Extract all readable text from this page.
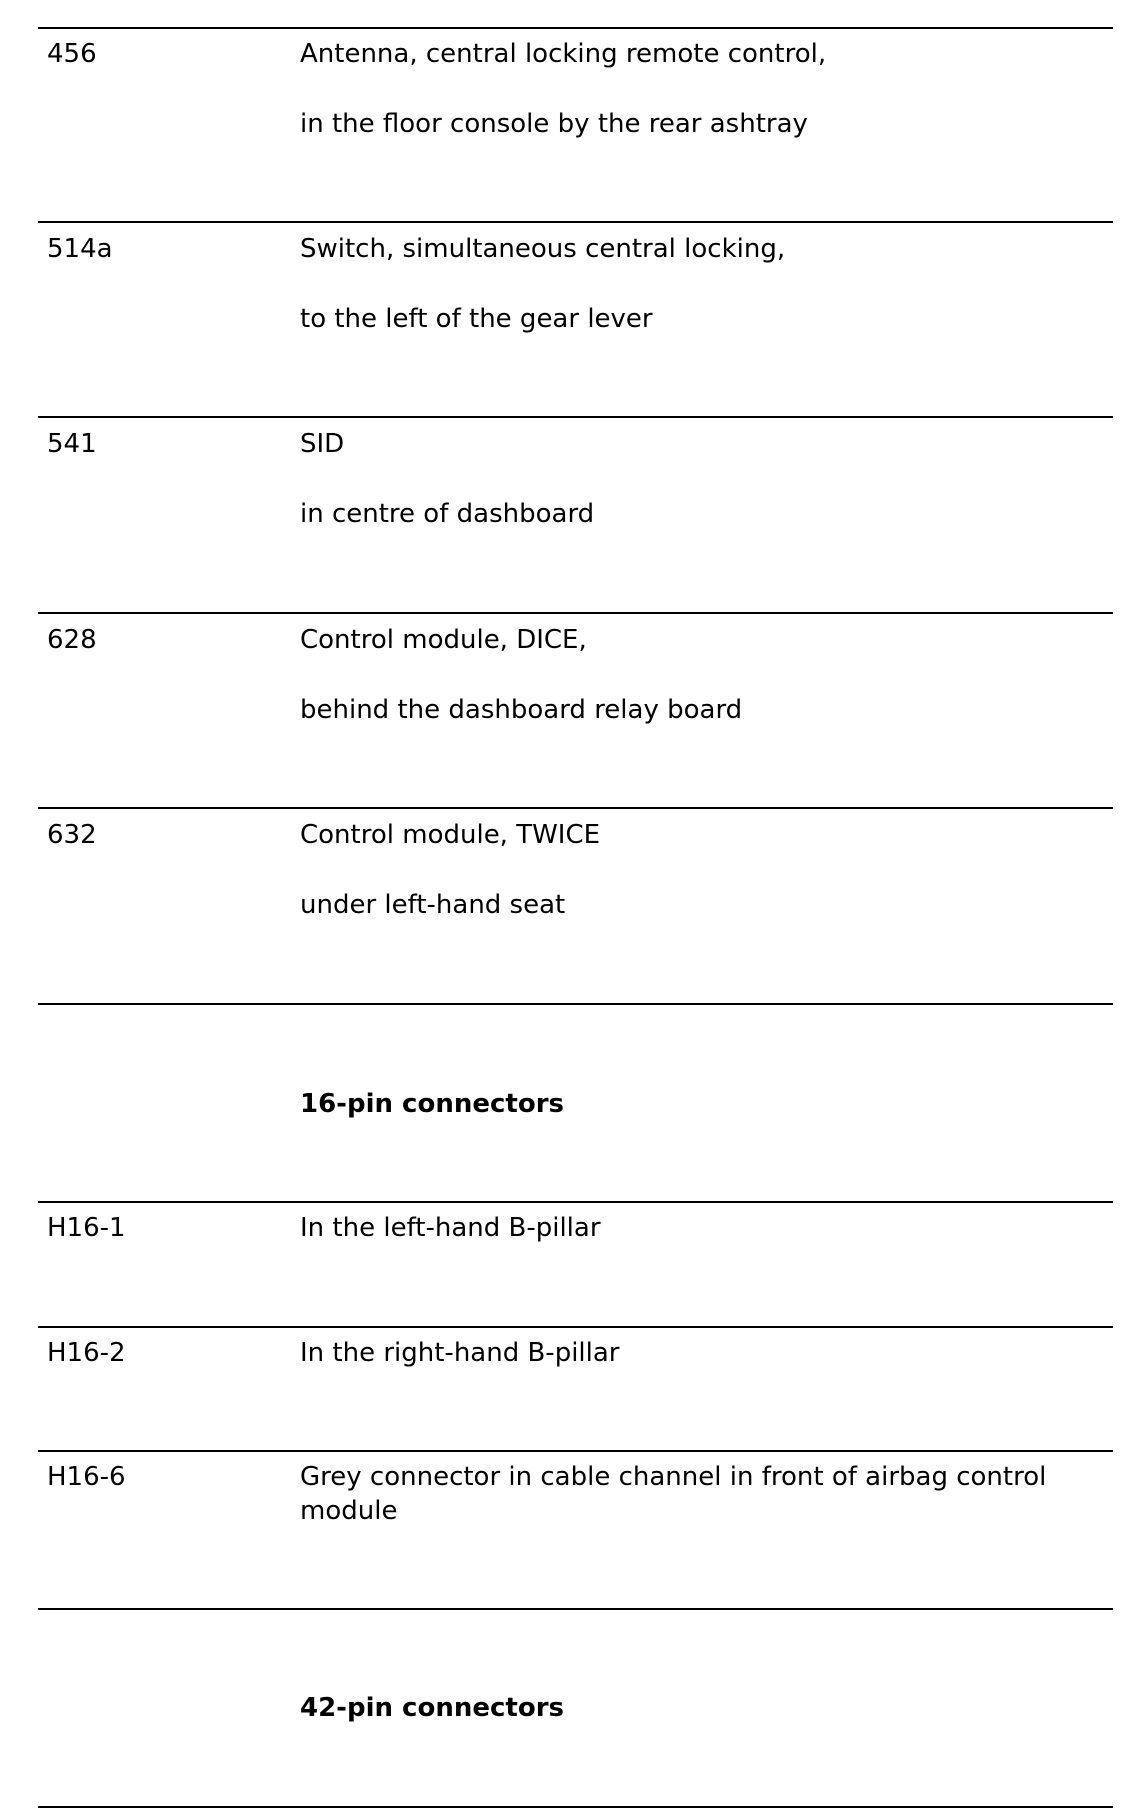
456	Antenna, central locking remote control,
in the floor console by the rear ashtray
514a	Switch, simultaneous central locking,
to the left of the gear lever
541	SID
in centre of dashboard
628	Control module, DICE,
behind the dashboard relay board
632	Control module, TWICE
under left-hand seat
16-pin connectors
H16-1	In the left-hand B-pillar
H16-2	In the right-hand B-pillar
H16-6	Grey connector in cable channel in front of airbag control module
42-pin connectors
